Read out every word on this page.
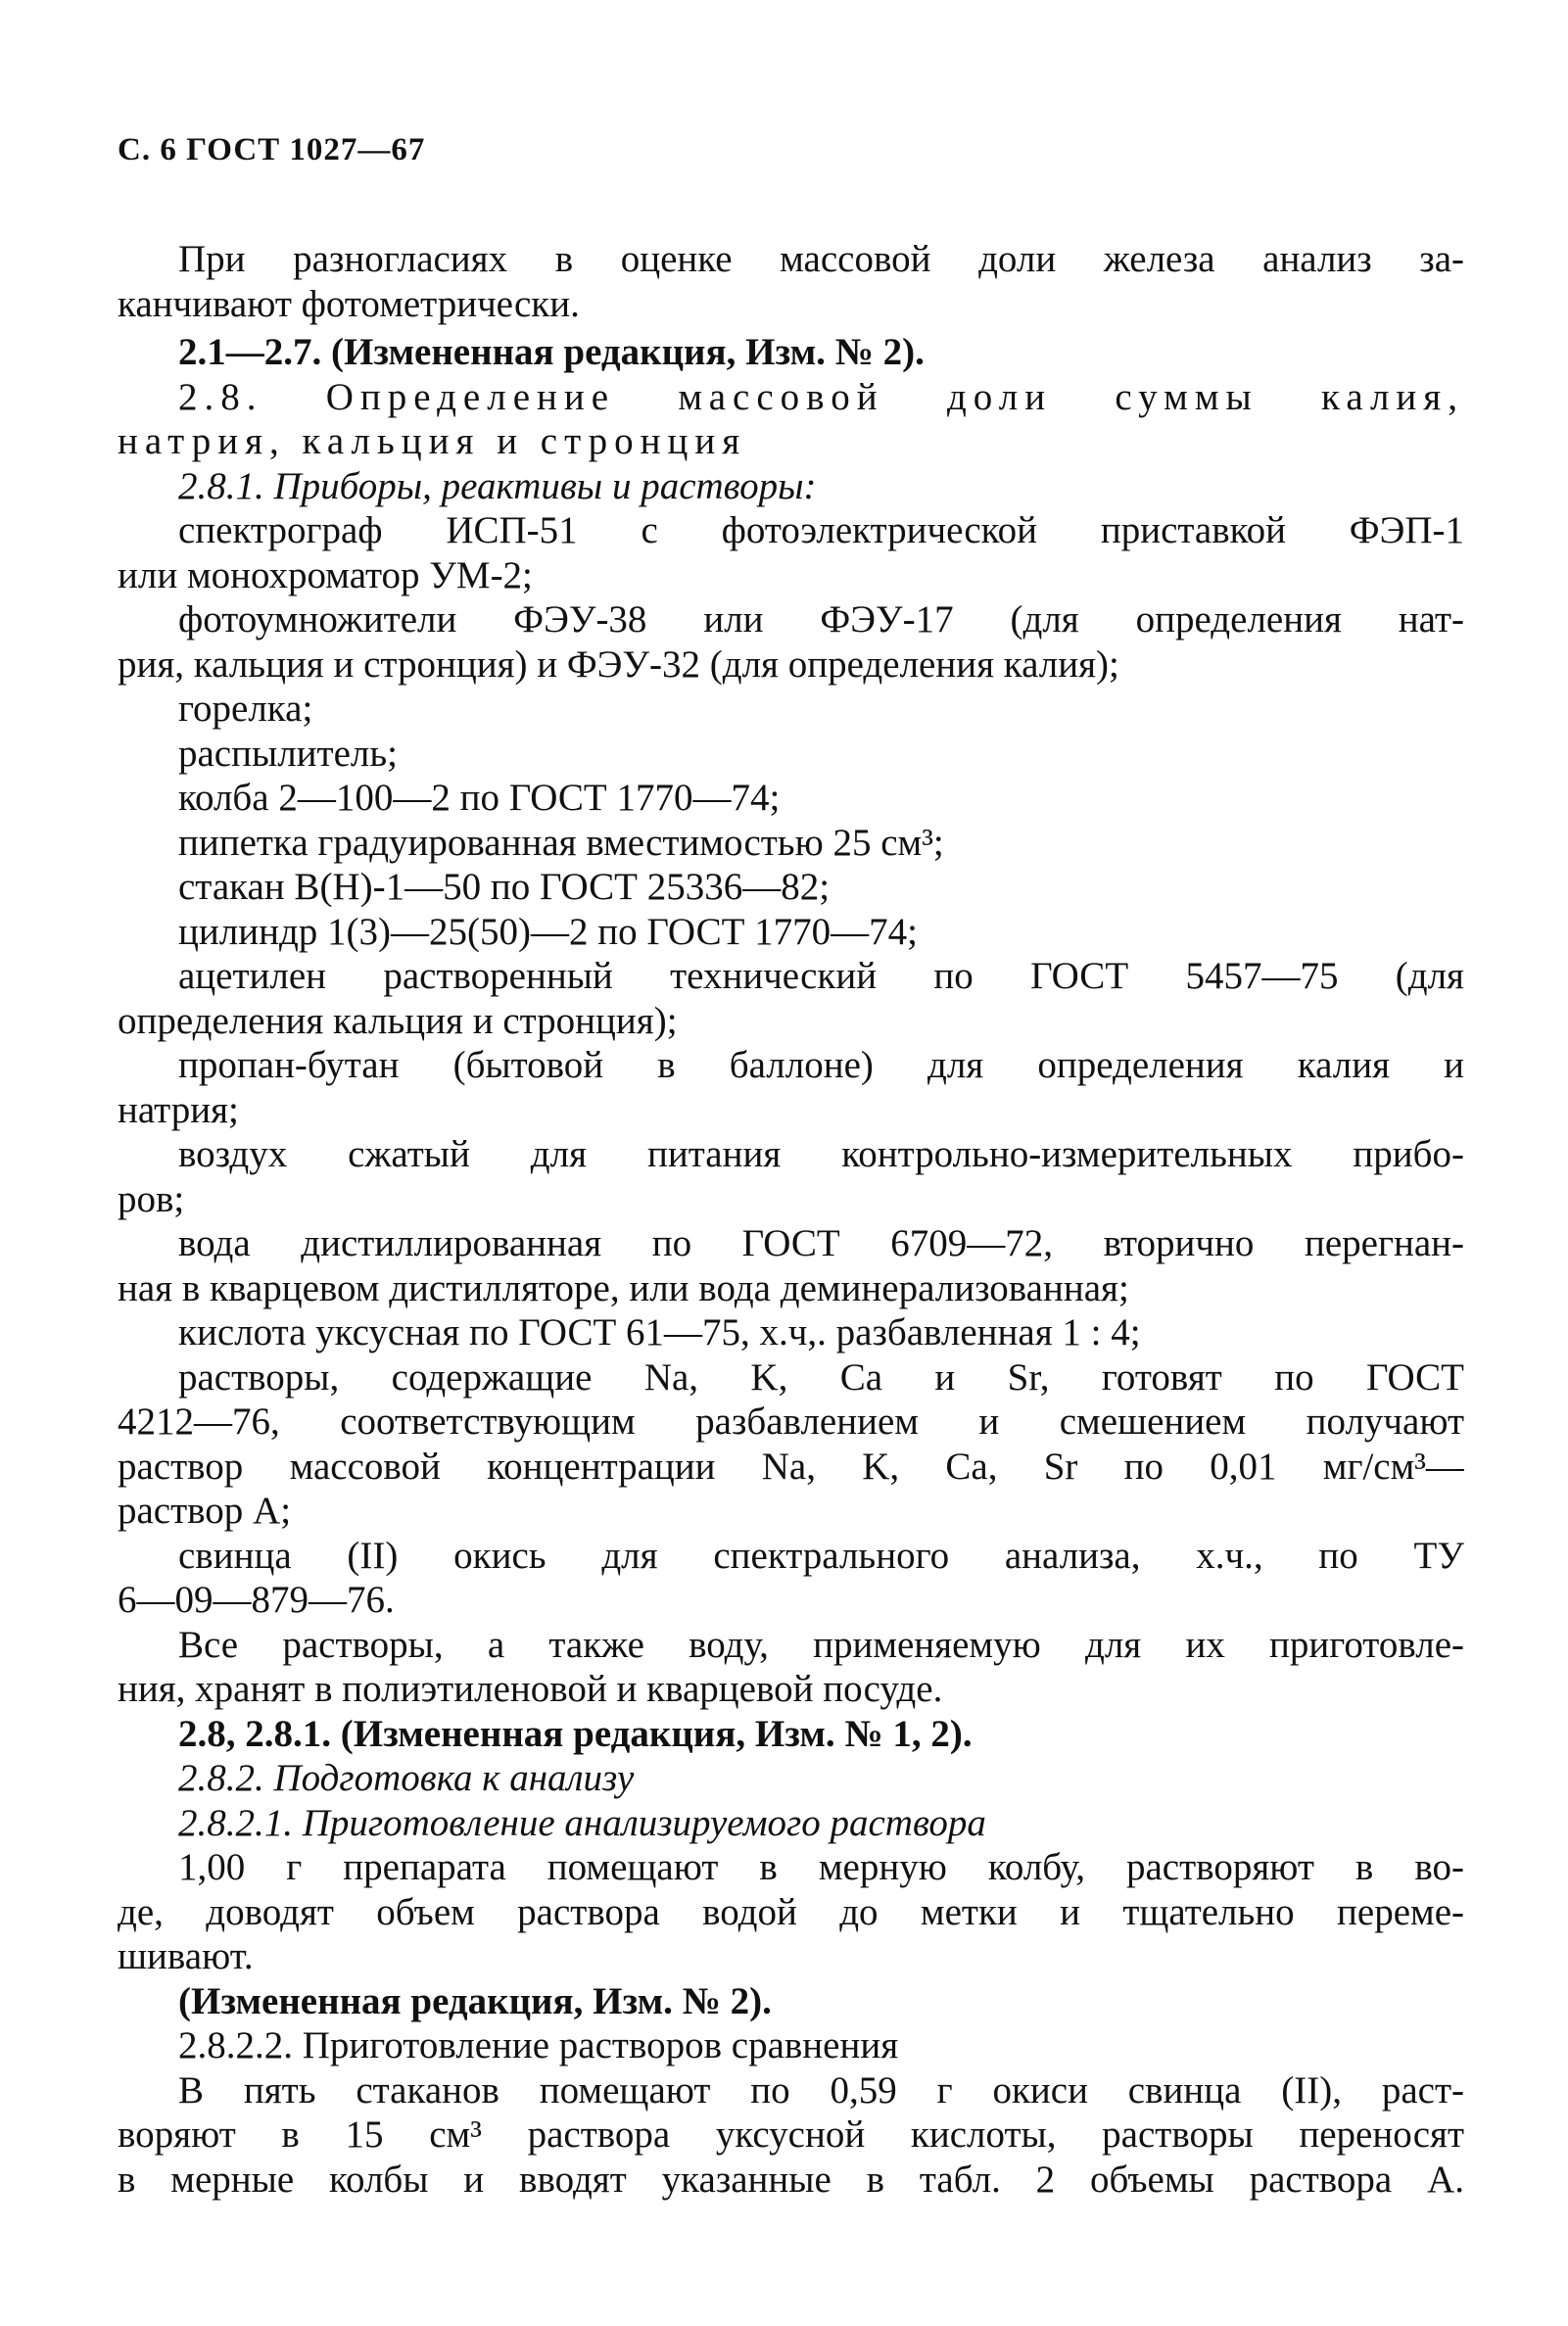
С. 6 ГОСТ 1027—67
При разногласиях в оценке массовой доли железа анализ за-
канчивают фотометрически.
2.1—2.7. (Измененная редакция, Изм. № 2).
2.8. Определение массовой доли суммы калия,
натрия, кальция и стронция
2.8.1. Приборы, реактивы и растворы:
спектрограф ИСП-51 с фотоэлектрической приставкой ФЭП-1
или монохроматор УМ-2;
фотоумножители ФЭУ-38 или ФЭУ-17 (для определения нат-
рия, кальция и стронция) и ФЭУ-32 (для определения калия);
горелка;
распылитель;
колба 2—100—2 по ГОСТ 1770—74;
пипетка градуированная вместимостью 25 см³;
стакан В(Н)-1—50 по ГОСТ 25336—82;
цилиндр 1(3)—25(50)—2 по ГОСТ 1770—74;
ацетилен растворенный технический по ГОСТ 5457—75 (для
определения кальция и стронция);
пропан-бутан (бытовой в баллоне) для определения калия и
натрия;
воздух сжатый для питания контрольно-измерительных прибо-
ров;
вода дистиллированная по ГОСТ 6709—72, вторично перегнан-
ная в кварцевом дистилляторе, или вода деминерализованная;
кислота уксусная по ГОСТ 61—75, х.ч,. разбавленная 1 : 4;
растворы, содержащие Na, K, Ca и Sr, готовят по ГОСТ
4212—76, соответствующим разбавлением и смешением получают
раствор массовой концентрации Na, K, Ca, Sr по 0,01 мг/см³—
раствор А;
свинца (II) окись для спектрального анализа, х.ч., по ТУ
6—09—879—76.
Все растворы, а также воду, применяемую для их приготовле-
ния, хранят в полиэтиленовой и кварцевой посуде.
2.8, 2.8.1. (Измененная редакция, Изм. № 1, 2).
2.8.2. Подготовка к анализу
2.8.2.1. Приготовление анализируемого раствора
1,00 г препарата помещают в мерную колбу, растворяют в во-
де, доводят объем раствора водой до метки и тщательно переме-
шивают.
(Измененная редакция, Изм. № 2).
2.8.2.2. Приготовление растворов сравнения
В пять стаканов помещают по 0,59 г окиси свинца (II), раст-
воряют в 15 см³ раствора уксусной кислоты, растворы переносят
в мерные колбы и вводят указанные в табл. 2 объемы раствора А.
